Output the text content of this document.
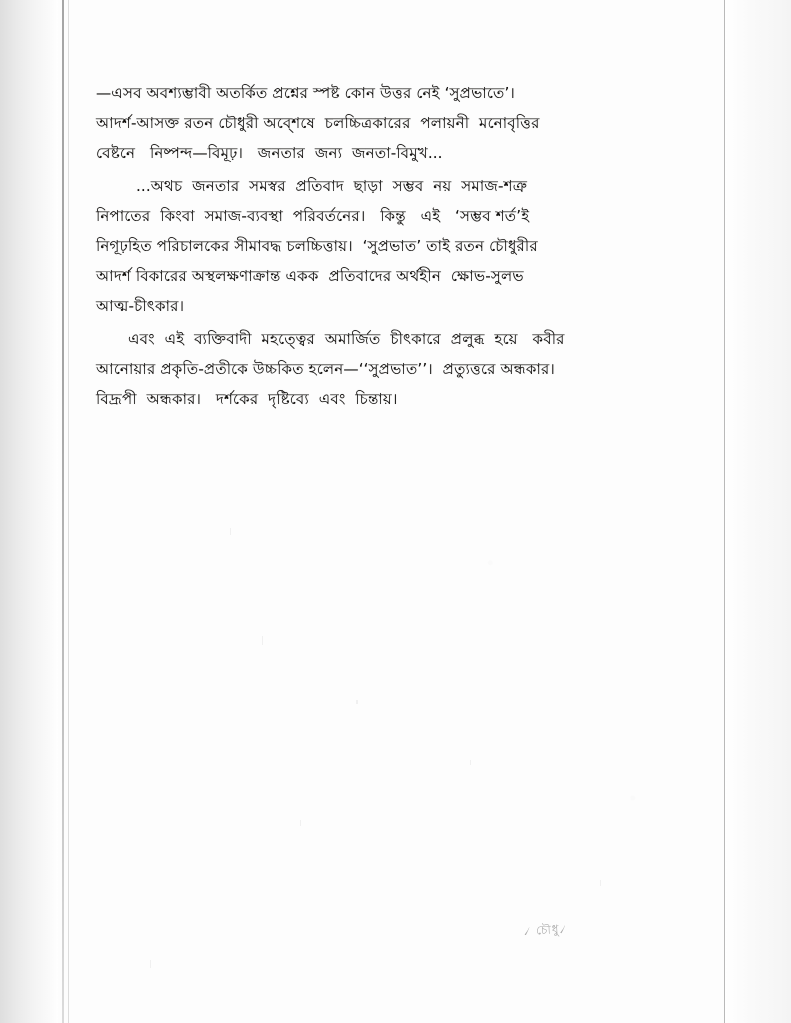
—এসব অবশ্যম্ভাবী অতর্কিত প্রশ্নের স্পষ্ট কোন উত্তর নেই ‘সুপ্রভাতে’।
আদর্শ-আসক্ত রতন চৌধুরী অব্শেষে  চলচ্চিত্রকারের  পলায়নী  মনোবৃত্তির
বেষ্টনে   নিষ্পন্দ—বিমূঢ়।   জনতার  জন্য  জনতা-বিমুখ...

...অথচ  জনতার  সমস্বর  প্রতিবাদ  ছাড়া  সম্ভব  নয়  সমাজ-শত্রু
নিপাতের  কিংবা  সমাজ-ব্যবস্থা  পরিবর্তনের।   কিন্তু   এই   ‘সম্ভব শর্ত’ই
নিগূঢ়হিত পরিচালকের সীমাবদ্ধ চলচ্চিত্তায়।  ‘সুপ্রভাত’ তাই রতন চৌধুরীর
আদর্শ বিকারের অস্থলক্ষণাক্রান্ত একক  প্রতিবাদের অর্থহীন  ক্ষোভ-সুলভ
আত্ম-চীৎকার।

এবং  এই  ব্যক্তিবাদী  মহত্ত্বের  অমার্জিত  চীৎকারে  প্রলুব্ধ  হয়ে   কবীর
আনোয়ার প্রকৃতি-প্রতীকে উচ্চকিত হলেন—‘‘সুপ্রভাত’’।  প্রত্যুত্তরে অন্ধকার।
বিদ্রূপী  অন্ধকার।   দর্শকের  দৃষ্টিব্যে  এবং  চিন্তায়।

৴ চৌধু৴
